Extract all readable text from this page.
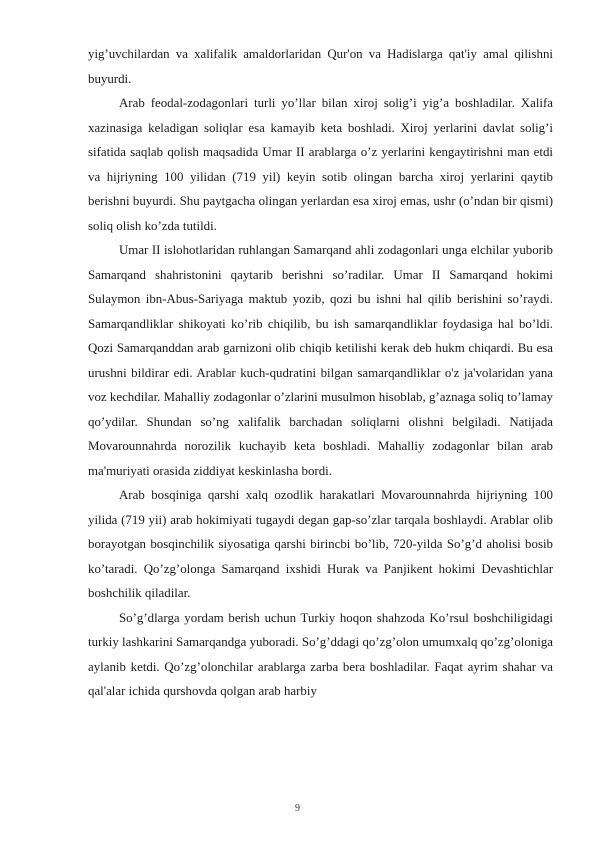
yig’uvchilardan va xalifalik amaldorlaridan Qur'on va Hadislarga qat'iy amal qilishni buyurdi.

Arab feodal-zodagonlari turli yo’llar bilan xiroj solig’i yig’a boshladilar. Xalifa xazinasiga keladigan soliqlar esa kamayib keta boshladi. Xiroj yerlarini davlat solig’i sifatida saqlab qolish maqsadida Umar II arablarga o’z yerlarini kengaytirishni man etdi va hijriyning 100 yilidan (719 yil) keyin sotib olingan barcha xiroj yerlarini qaytib berishni buyurdi. Shu paytgacha olingan yerlardan esa xiroj emas, ushr (o’ndan bir qismi) soliq olish ko’zda tutildi.

Umar II islohotlaridan ruhlangan Samarqand ahli zodagonlari unga elchilar yuborib Samarqand shahristonini qaytarib berishni so’radilar. Umar II Samarqand hokimi Sulaymon ibn-Abus-Sariyaga maktub yozib, qozi bu ishni hal qilib berishini so’raydi. Samarqandliklar shikoyati ko’rib chiqilib, bu ish samarqandliklar foydasiga hal bo’ldi. Qozi Samarqanddan arab garnizoni olib chiqib ketilishi kerak deb hukm chiqardi. Bu esa urushni bildirar edi. Arablar kuch-qudratini bilgan samarqandliklar o'z ja'volaridan yana voz kechdilar. Mahalliy zodagonlar o’zlarini musulmon hisoblab, g’aznaga soliq to’lamay qo’ydilar. Shundan so’ng xalifalik barchadan soliqlarni olishni belgiladi. Natijada Movarounnahrda norozilik kuchayib keta boshladi. Mahalliy zodagonlar bilan arab ma'muriyati orasida ziddiyat keskinlasha bordi.

Arab bosqiniga qarshi xalq ozodlik harakatlari Movarounnahrda hijriyning 100 yilida (719 yii) arab hokimiyati tugaydi degan gap-so’zlar tarqala boshlaydi. Arablar olib borayotgan bosqinchilik siyosatiga qarshi birincbi bo’lib, 720-yilda So’g’d aholisi bosib ko’taradi. Qo’zg’olonga Samarqand ixshidi Hurak va Panjikent hokimi Devashtichlar boshchilik qiladilar.

So’g’dlarga yordam berish uchun Turkiy hoqon shahzoda Ko’rsul boshchiligidagi turkiy lashkarini Samarqandga yuboradi. So’g’ddagi qo’zg’olon umumxalq qo’zg’oloniga aylanib ketdi. Qo’zg’olonchilar arablarga zarba bera boshladilar. Faqat ayrim shahar va qal'alar ichida qurshovda qolgan arab harbiy

9
